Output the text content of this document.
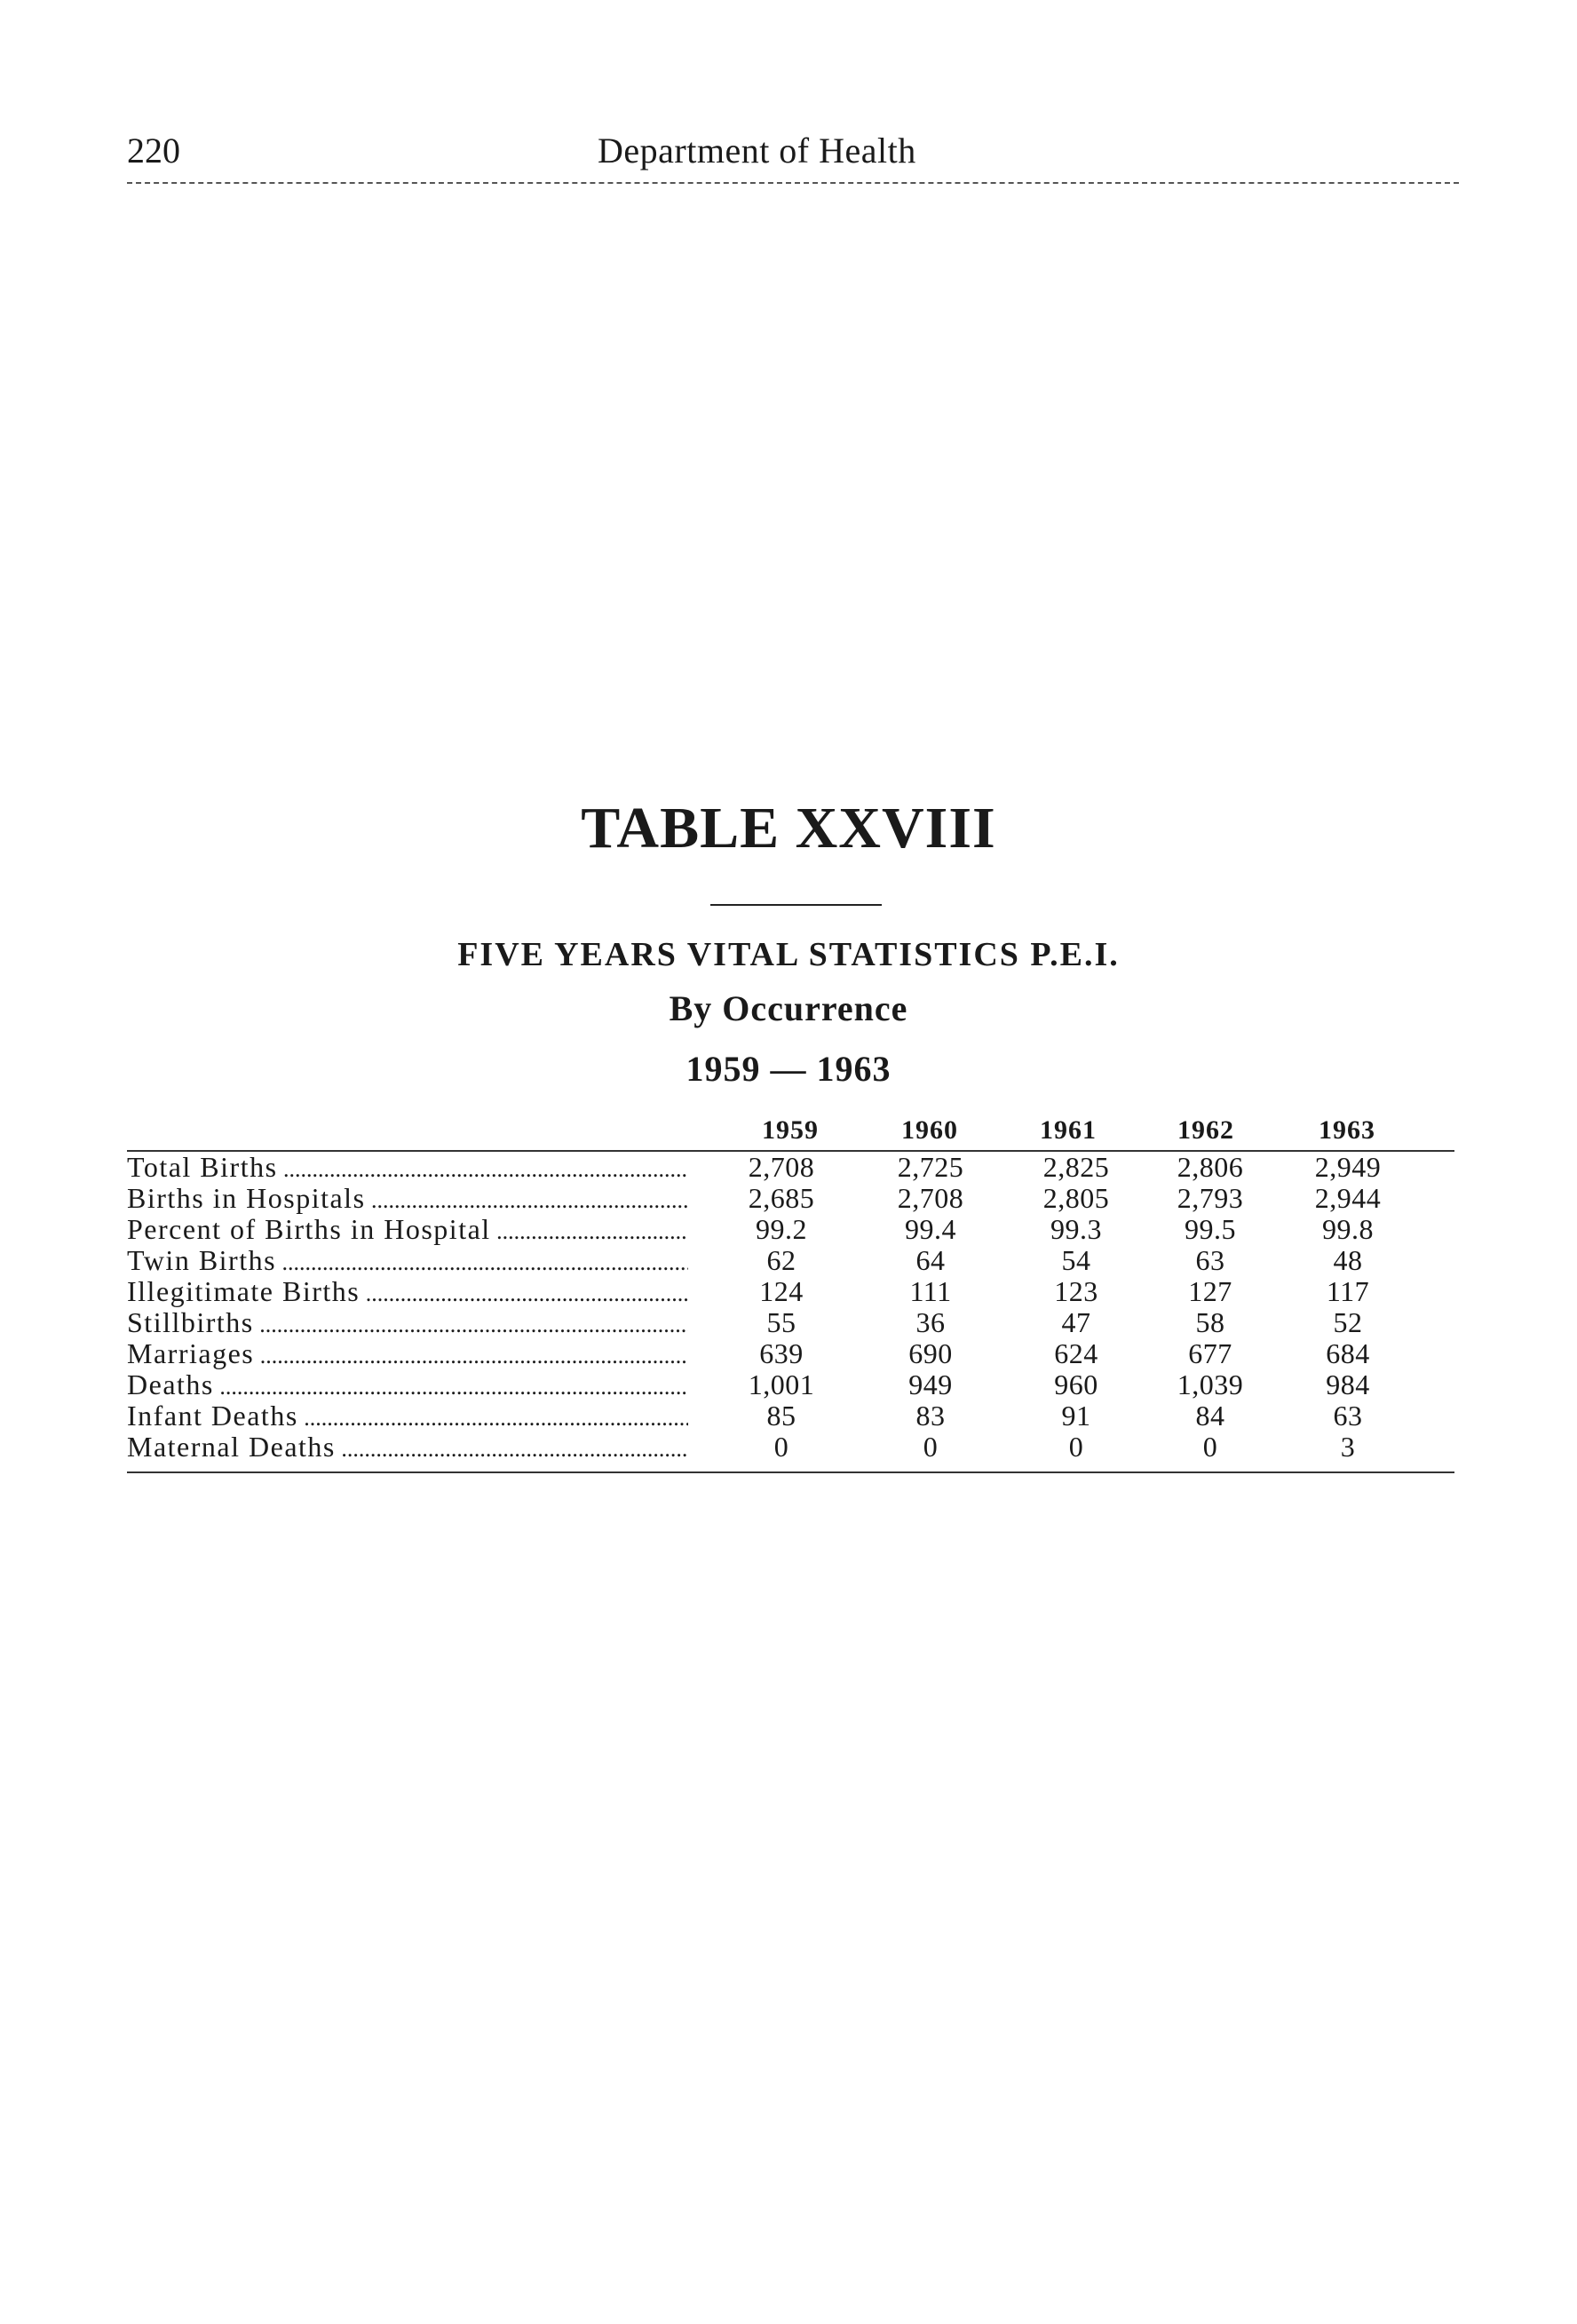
220	Department of Health
TABLE XXVIII
FIVE YEARS VITAL STATISTICS P.E.I.
By Occurrence
1959 — 1963
1959	1960	1961	1962	1963
Total Births .....	2,708	2,725	2,825	2,806	2,949
Births in Hospitals .....	2,685	2,708	2,805	2,793	2,944
Percent of Births in Hospital .....	99.2	99.4	99.3	99.5	99.8
Twin Births .....	62	64	54	63	48
Illegitimate Births .....	124	111	123	127	117
Stillbirths .....	55	36	47	58	52
Marriages .....	639	690	624	677	684
Deaths .....	1,001	949	960	1,039	984
Infant Deaths .....	85	83	91	84	63
Maternal Deaths .....	0	0	0	0	3
